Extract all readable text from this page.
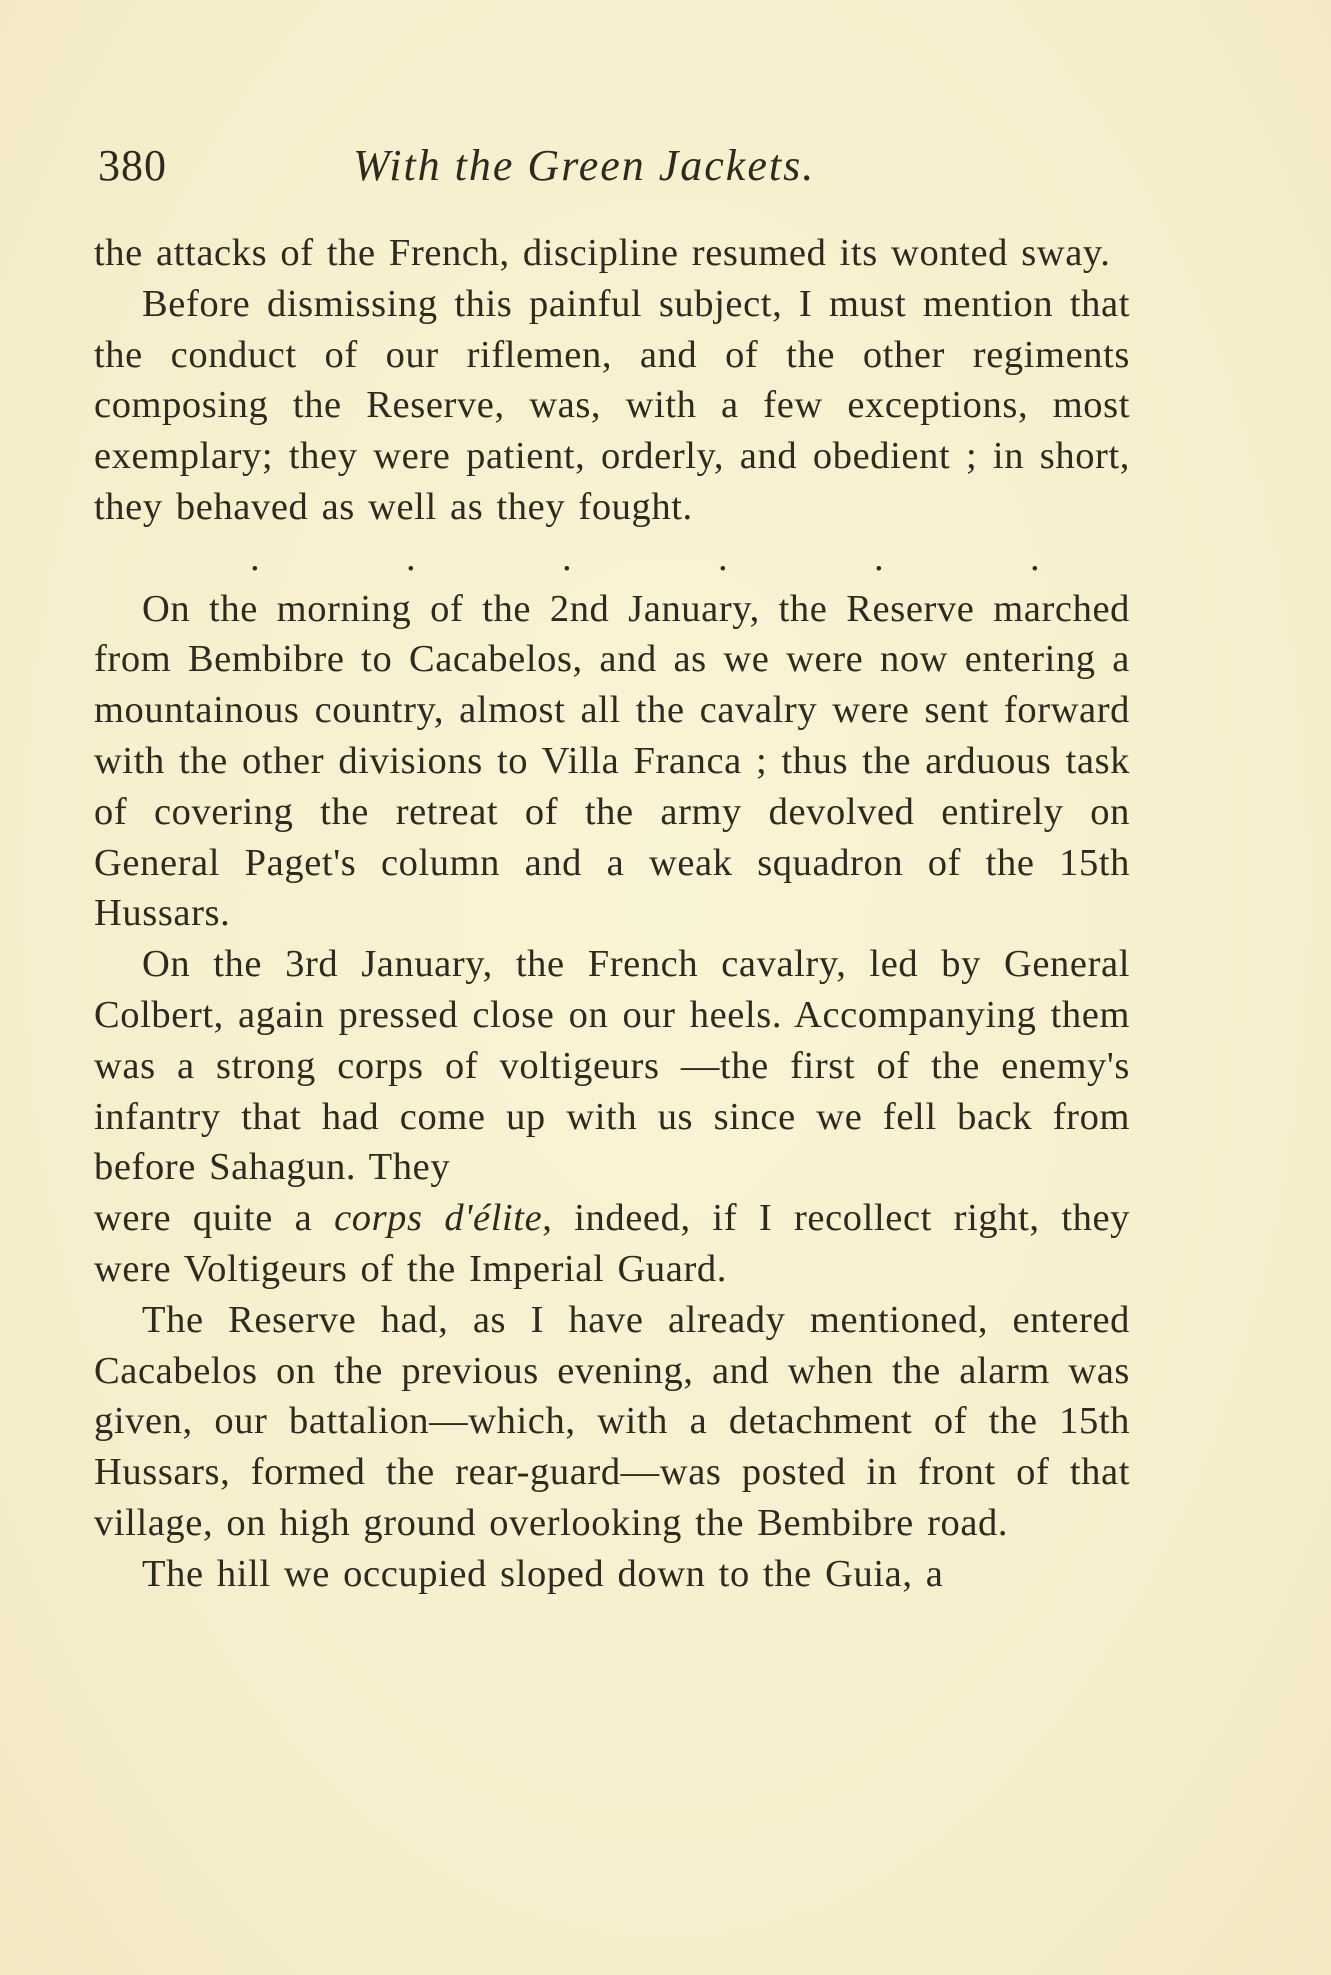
380	With the Green Jackets.

the attacks of the French, discipline resumed its wonted sway.

Before dismissing this painful subject, I must mention that the conduct of our riflemen, and of the other regiments composing the Reserve, was, with a few exceptions, most exemplary; they were patient, orderly, and obedient ; in short, they behaved as well as they fought.

.	.	.	.	.	.

On the morning of the 2nd January, the Reserve marched from Bembibre to Cacabelos, and as we were now entering a mountainous country, almost all the cavalry were sent forward with the other divisions to Villa Franca ; thus the arduous task of covering the retreat of the army devolved entirely on General Paget's column and a weak squadron of the 15th Hussars.

On the 3rd January, the French cavalry, led by General Colbert, again pressed close on our heels. Accompanying them was a strong corps of voltigeurs —the first of the enemy's infantry that had come up with us since we fell back from before Sahagun. They

were quite a corps d'élite, indeed, if I recollect right, they were Voltigeurs of the Imperial Guard.

The Reserve had, as I have already mentioned, entered Cacabelos on the previous evening, and when the alarm was given, our battalion—which, with a detachment of the 15th Hussars, formed the rear-guard—was posted in front of that village, on high ground overlooking the Bembibre road.

The hill we occupied sloped down to the Guia, a
